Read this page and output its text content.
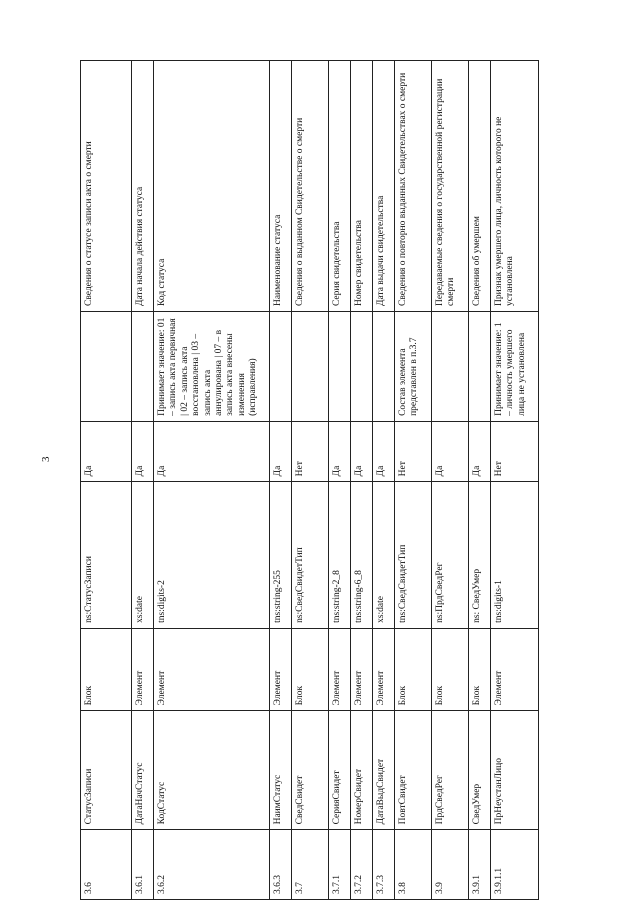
3
3.6	СтатусЗаписи	Блок	ns:СтатусЗаписи	Да		Сведения о статусе записи акта о смерти
3.6.1	ДатаНачСтатус	Элемент	xs:date	Да		Дата начала действия статуса
3.6.2	КодСтатус	Элемент	tns:digits-2	Да	Принимает значение: 01 – запись акта первичная | 02 – запись акта восстановлена | 03 – запись акта аннулирована | 07 – в запись акта внесены изменения (исправления)	Код статуса
3.6.3	НаимСтатус	Элемент	tns:string-255	Да		Наименование статуса
3.7	СведСвидет	Блок	ns:СведСвидетТип	Нет		Сведения о выданном Свидетельстве о смерти
3.7.1	СерияСвидет	Элемент	tns:string-2_8	Да		Серия свидетельства
3.7.2	НомерСвидет	Элемент	tns:string-6_8	Да		Номер свидетельства
3.7.3	ДатаВыдСвидет	Элемент	xs:date	Да		Дата выдачи свидетельства
3.8	ПовтСвидет	Блок	tns:СведСвидетТип	Нет	Состав элемента представлен в п.3.7	Сведения о повторно выданных Свидетельствах о смерти
3.9	ПрдСведРег	Блок	ns:ПрдСведРег	Да		Передаваемые сведения о государственной регистрации смерти
3.9.1	СведУмер	Блок	ns: СведУмер	Да		Сведения об умершем
3.9.1.1	ПрНеустанЛицо	Элемент	tns:digits-1	Нет	Принимает значение: 1 – личность умершего лица не установлена	Признак умершего лица, личность которого не установлена
